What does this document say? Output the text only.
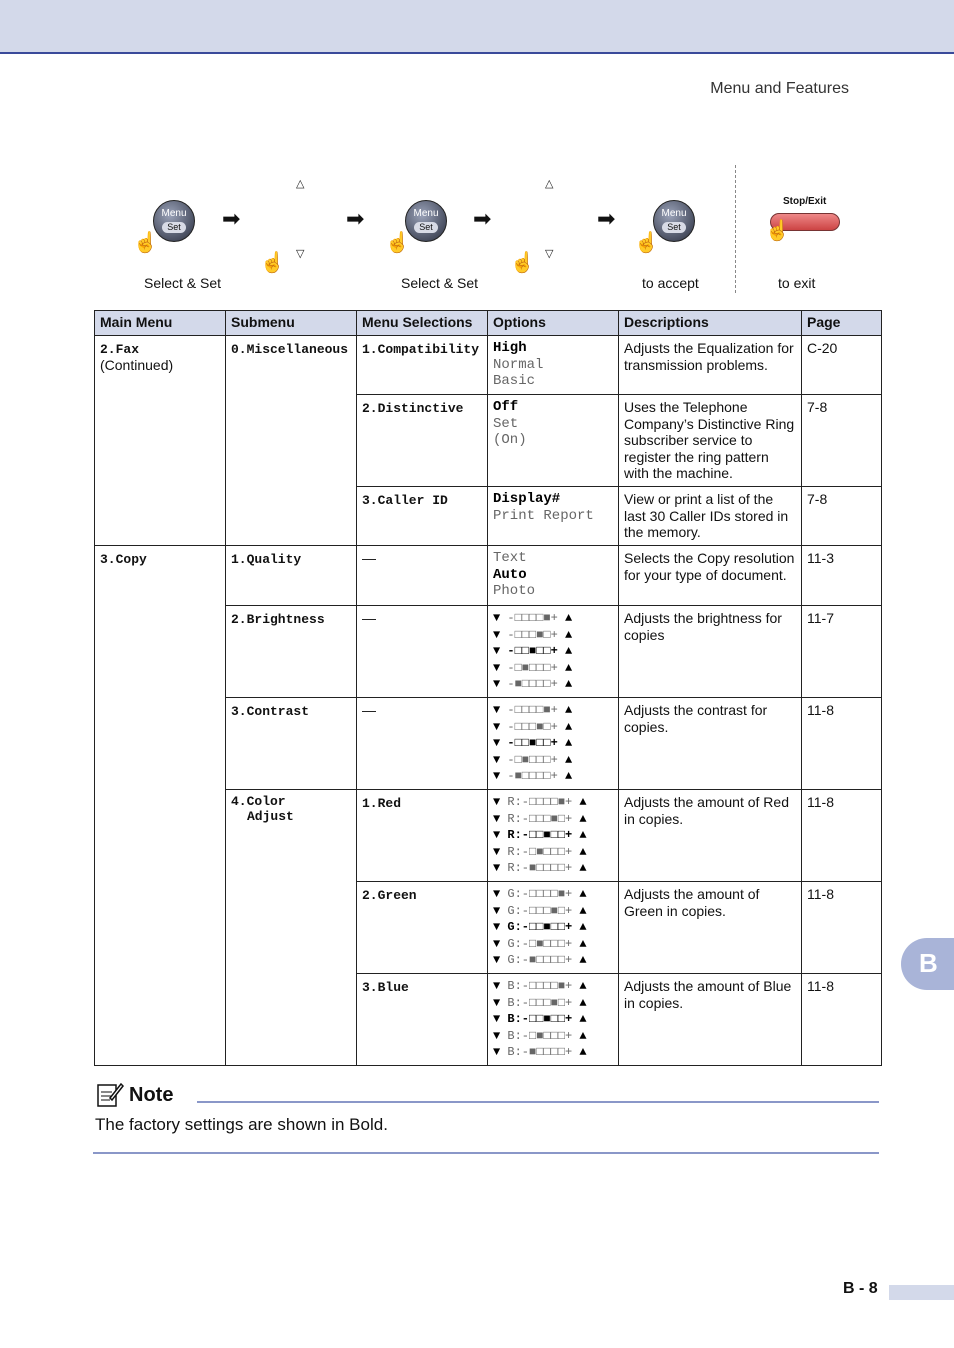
Menu and Features
Menu
Set
☝
➡
△
☝ ▽
➡	Menu
Set
☝
➡
△
☝ ▽
➡	Menu
Set
☝
Stop/Exit
☝
Select & Set	Select & Set	to accept	to exit
Main Menu	Submenu	Menu Selections	Options	Descriptions	Page
2.Fax
(Continued)	0.Miscellaneous	1.Compatibility	High
Normal
Basic	Adjusts the Equalization for transmission problems.	C-20
		2.Distinctive	Off
Set
(On)	Uses the Telephone Company’s Distinctive Ring subscriber service to register the ring pattern with the machine.	7-8
		3.Caller ID	Display#
Print Report	View or print a list of the last 30 Caller IDs stored in the memory.	7-8
3.Copy	1.Quality	—	Text
Auto
Photo	Selects the Copy resolution for your type of document.	11-3
	2.Brightness	—	▼ -□□□□■+ ▲
▼ -□□□■□+ ▲
▼ -□□■□□+ ▲
▼ -□■□□□+ ▲
▼ -■□□□□+ ▲	Adjusts the brightness for copies	11-7
	3.Contrast	—	▼ -□□□□■+ ▲
▼ -□□□■□+ ▲
▼ -□□■□□+ ▲
▼ -□■□□□+ ▲
▼ -■□□□□+ ▲	Adjusts the contrast for copies.	11-8

	4.Color
Adjust	1.Red	▼ R:-□□□□■+ ▲
▼ R:-□□□■□+ ▲
▼ R:-□□■□□+ ▲
▼ R:-□■□□□+ ▲
▼ R:-■□□□□+ ▲	Adjusts the amount of Red in copies.	11-8
		2.Green	▼ G:-□□□□■+ ▲
▼ G:-□□□■□+ ▲
▼ G:-□□■□□+ ▲
▼ G:-□■□□□+ ▲
▼ G:-■□□□□+ ▲	Adjusts the amount of Green in copies.	11-8
		3.Blue	▼ B:-□□□□■+ ▲
▼ B:-□□□■□+ ▲
▼ B:-□□■□□+ ▲
▼ B:-□■□□□+ ▲
▼ B:-■□□□□+ ▲	Adjusts the amount of Blue in copies.	11-8
B
Note
The factory settings are shown in Bold.
B - 8
